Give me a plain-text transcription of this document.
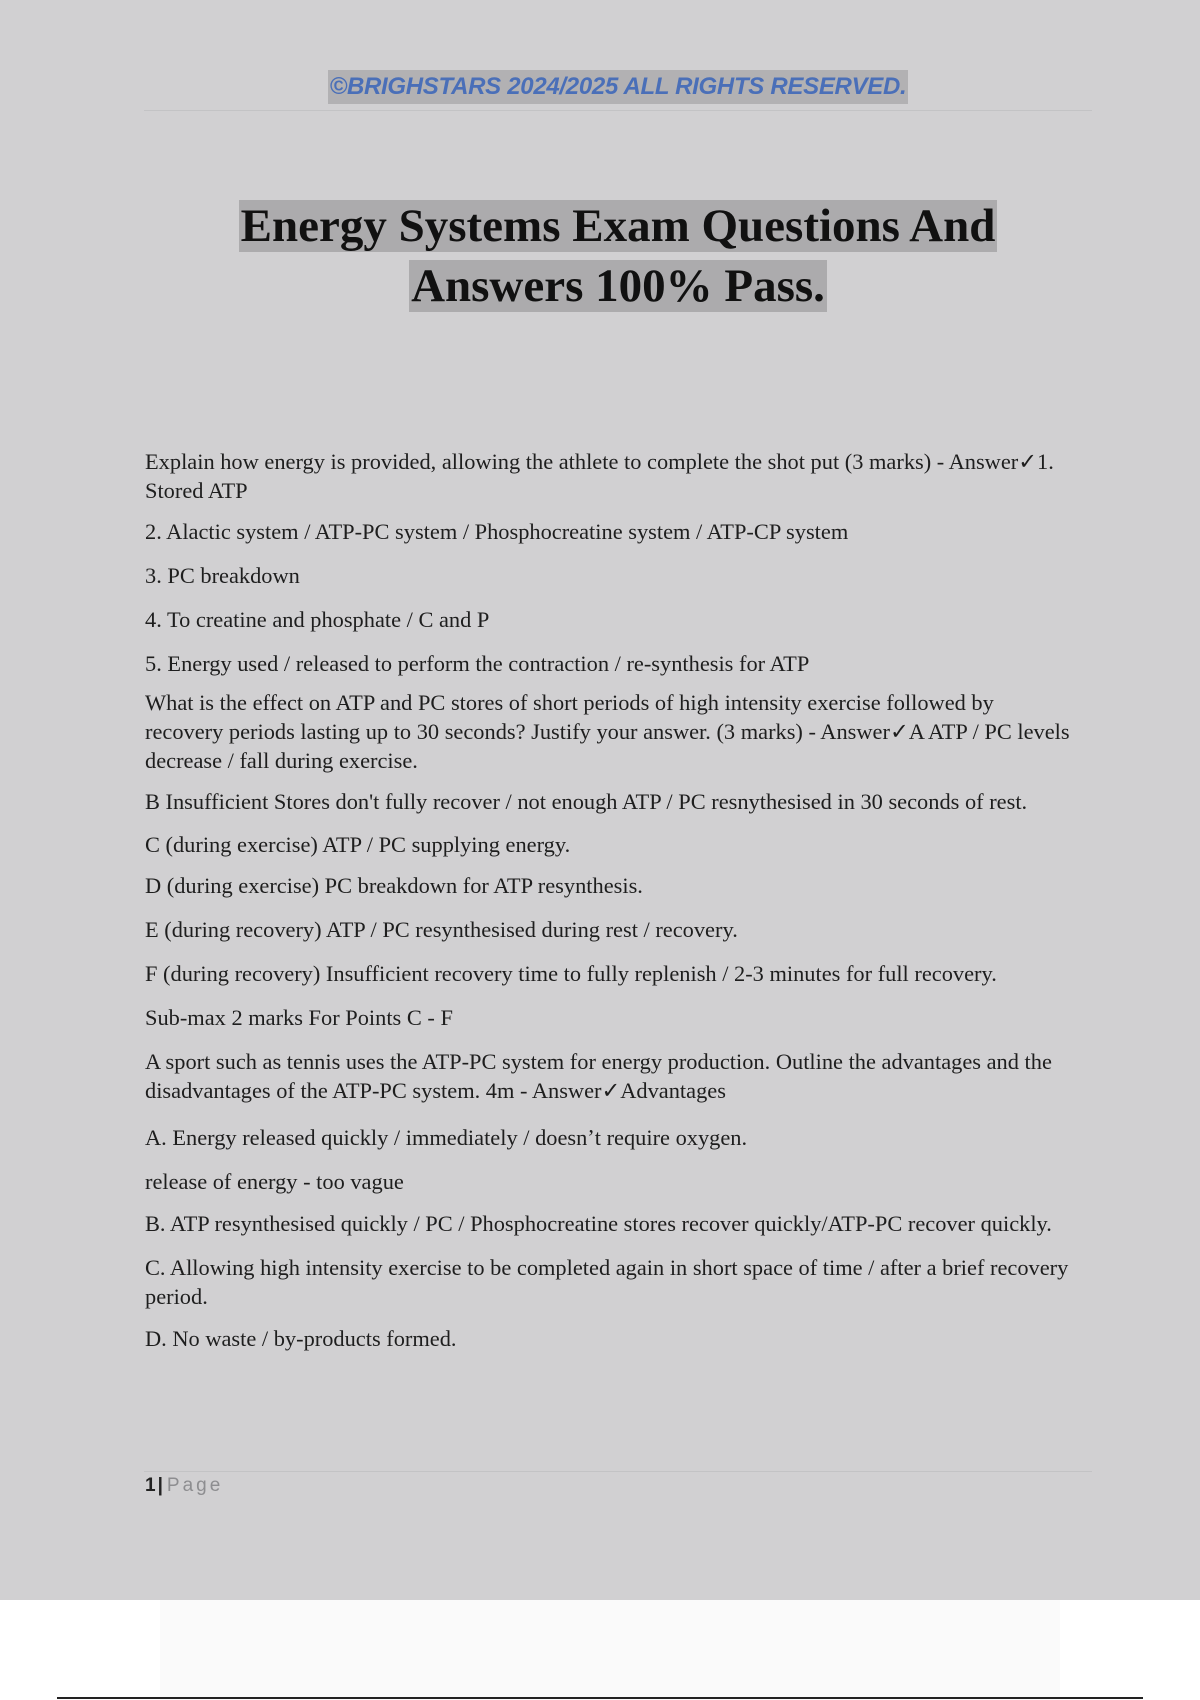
©BRIGHSTARS 2024/2025 ALL RIGHTS RESERVED.
Energy Systems Exam Questions And
Answers 100% Pass.

Explain how energy is provided, allowing the athlete to complete the shot put (3 marks) - Answer✓1. Stored ATP

2. Alactic system / ATP-PC system / Phosphocreatine system / ATP-CP system

3. PC breakdown

4. To creatine and phosphate / C and P

5. Energy used / released to perform the contraction / re-synthesis for ATP

What is the effect on ATP and PC stores of short periods of high intensity exercise followed by recovery periods lasting up to 30 seconds? Justify your answer. (3 marks) - Answer✓A ATP / PC levels decrease / fall during exercise.

B Insufficient Stores don't fully recover / not enough ATP / PC resnythesised in 30 seconds of rest.

C (during exercise) ATP / PC supplying energy.

D (during exercise) PC breakdown for ATP resynthesis.

E (during recovery) ATP / PC resynthesised during rest / recovery.

F (during recovery) Insufficient recovery time to fully replenish / 2-3 minutes for full recovery.

Sub-max 2 marks For Points C - F

A sport such as tennis uses the ATP-PC system for energy production. Outline the advantages and the disadvantages of the ATP-PC system. 4m - Answer✓Advantages

A. Energy released quickly / immediately / doesnʼt require oxygen.

release of energy - too vague

B. ATP resynthesised quickly / PC / Phosphocreatine stores recover quickly/ATP-PC recover quickly.

C. Allowing high intensity exercise to be completed again in short space of time / after a brief recovery period.

D. No waste / by-products formed.

1 | Page
